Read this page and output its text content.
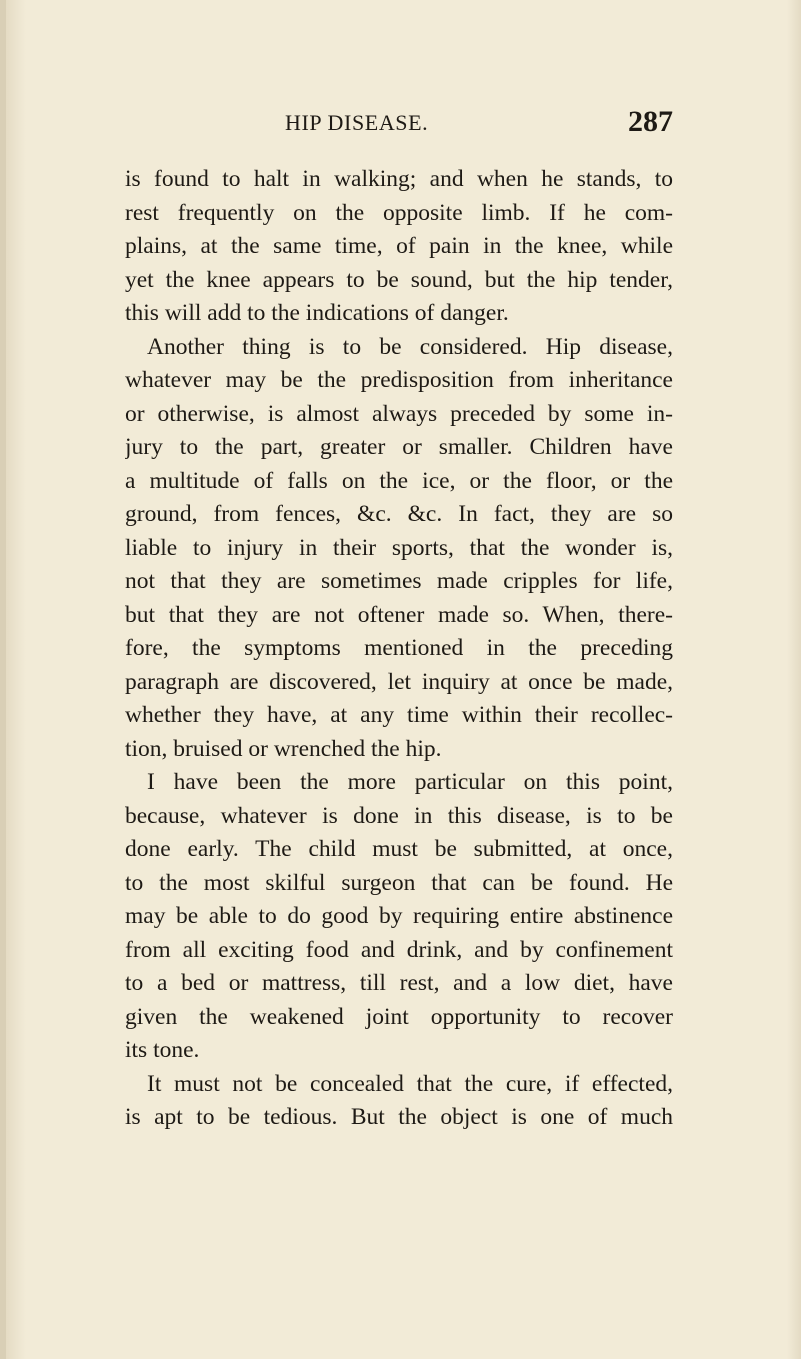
HIP DISEASE.	287
is found to halt in walking; and when he stands, to
rest frequently on the opposite limb. If he com-
plains, at the same time, of pain in the knee, while
yet the knee appears to be sound, but the hip tender,
this will add to the indications of danger.
Another thing is to be considered. Hip disease,
whatever may be the predisposition from inheritance
or otherwise, is almost always preceded by some in-
jury to the part, greater or smaller. Children have
a multitude of falls on the ice, or the floor, or the
ground, from fences, &c. &c. In fact, they are so
liable to injury in their sports, that the wonder is,
not that they are sometimes made cripples for life,
but that they are not oftener made so. When, there-
fore, the symptoms mentioned in the preceding
paragraph are discovered, let inquiry at once be made,
whether they have, at any time within their recollec-
tion, bruised or wrenched the hip.
I have been the more particular on this point,
because, whatever is done in this disease, is to be
done early. The child must be submitted, at once,
to the most skilful surgeon that can be found. He
may be able to do good by requiring entire abstinence
from all exciting food and drink, and by confinement
to a bed or mattress, till rest, and a low diet, have
given the weakened joint opportunity to recover
its tone.
It must not be concealed that the cure, if effected,
is apt to be tedious. But the object is one of much
